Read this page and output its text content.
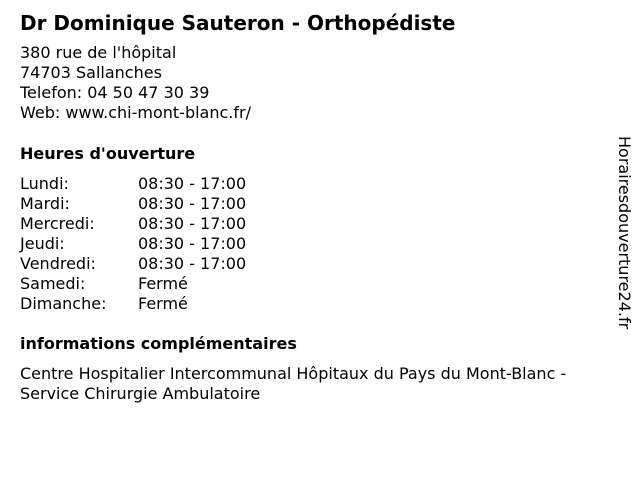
Dr Dominique Sauteron - Orthopédiste
380 rue de l'hôpital
74703 Sallanches
Telefon: 04 50 47 30 39
Web: www.chi-mont-blanc.fr/
Heures d'ouverture
Lundi:	08:30 - 17:00
Mardi:	08:30 - 17:00
Mercredi:	08:30 - 17:00
Jeudi:	08:30 - 17:00
Vendredi:	08:30 - 17:00
Samedi:	Fermé
Dimanche: Fermé
informations complémentaires
Centre Hospitalier Intercommunal Hôpitaux du Pays du Mont-Blanc -
Service Chirurgie Ambulatoire
Horairesdouverture24.fr
